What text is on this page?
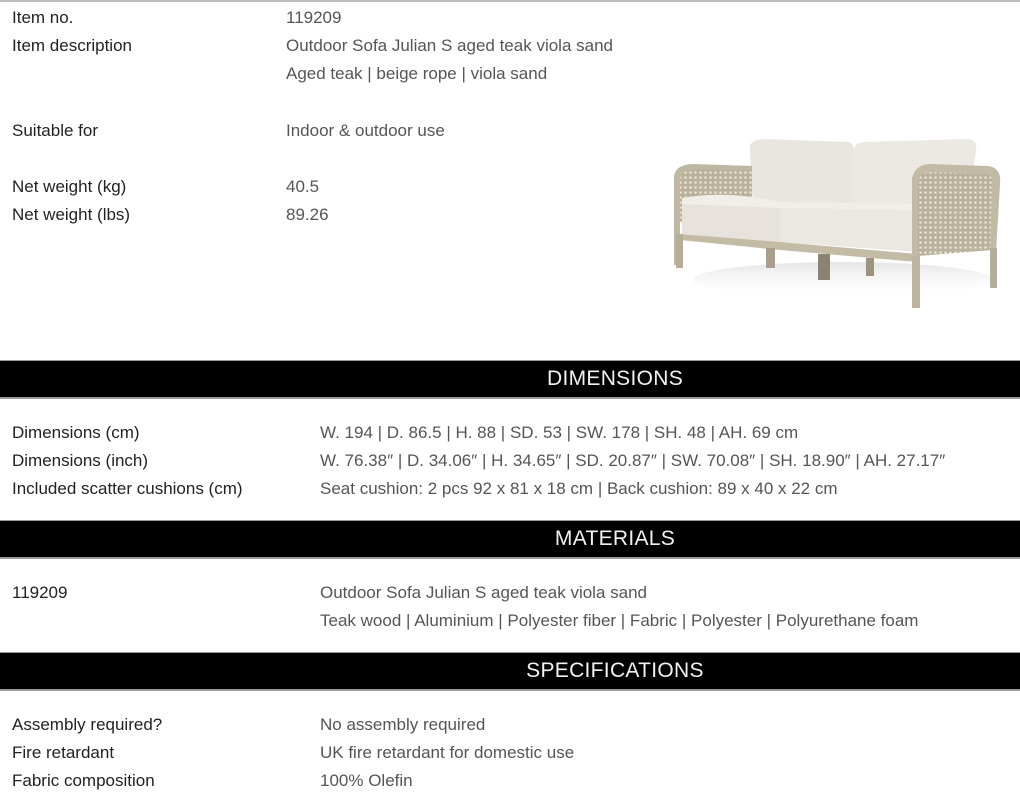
Item no.	119209
Item description	Outdoor Sofa Julian S aged teak viola sand
Aged teak | beige rope | viola sand
Suitable for	Indoor & outdoor use
Net weight (kg)	40.5
Net weight (lbs)	89.26
DIMENSIONS
Dimensions (cm)	W. 194 | D. 86.5 | H. 88 | SD. 53 | SW. 178 | SH. 48 | AH. 69 cm
Dimensions (inch)	W. 76.38″ | D. 34.06″ | H. 34.65″ | SD. 20.87″ | SW. 70.08″ | SH. 18.90″ | AH. 27.17″
Included scatter cushions (cm)	Seat cushion: 2 pcs 92 x 81 x 18 cm | Back cushion: 89 x 40 x 22 cm
MATERIALS
119209	Outdoor Sofa Julian S aged teak viola sand
Teak wood | Aluminium | Polyester fiber | Fabric | Polyester | Polyurethane foam
SPECIFICATIONS
Assembly required?	No assembly required
Fire retardant	UK fire retardant for domestic use
Fabric composition	100% Olefin
